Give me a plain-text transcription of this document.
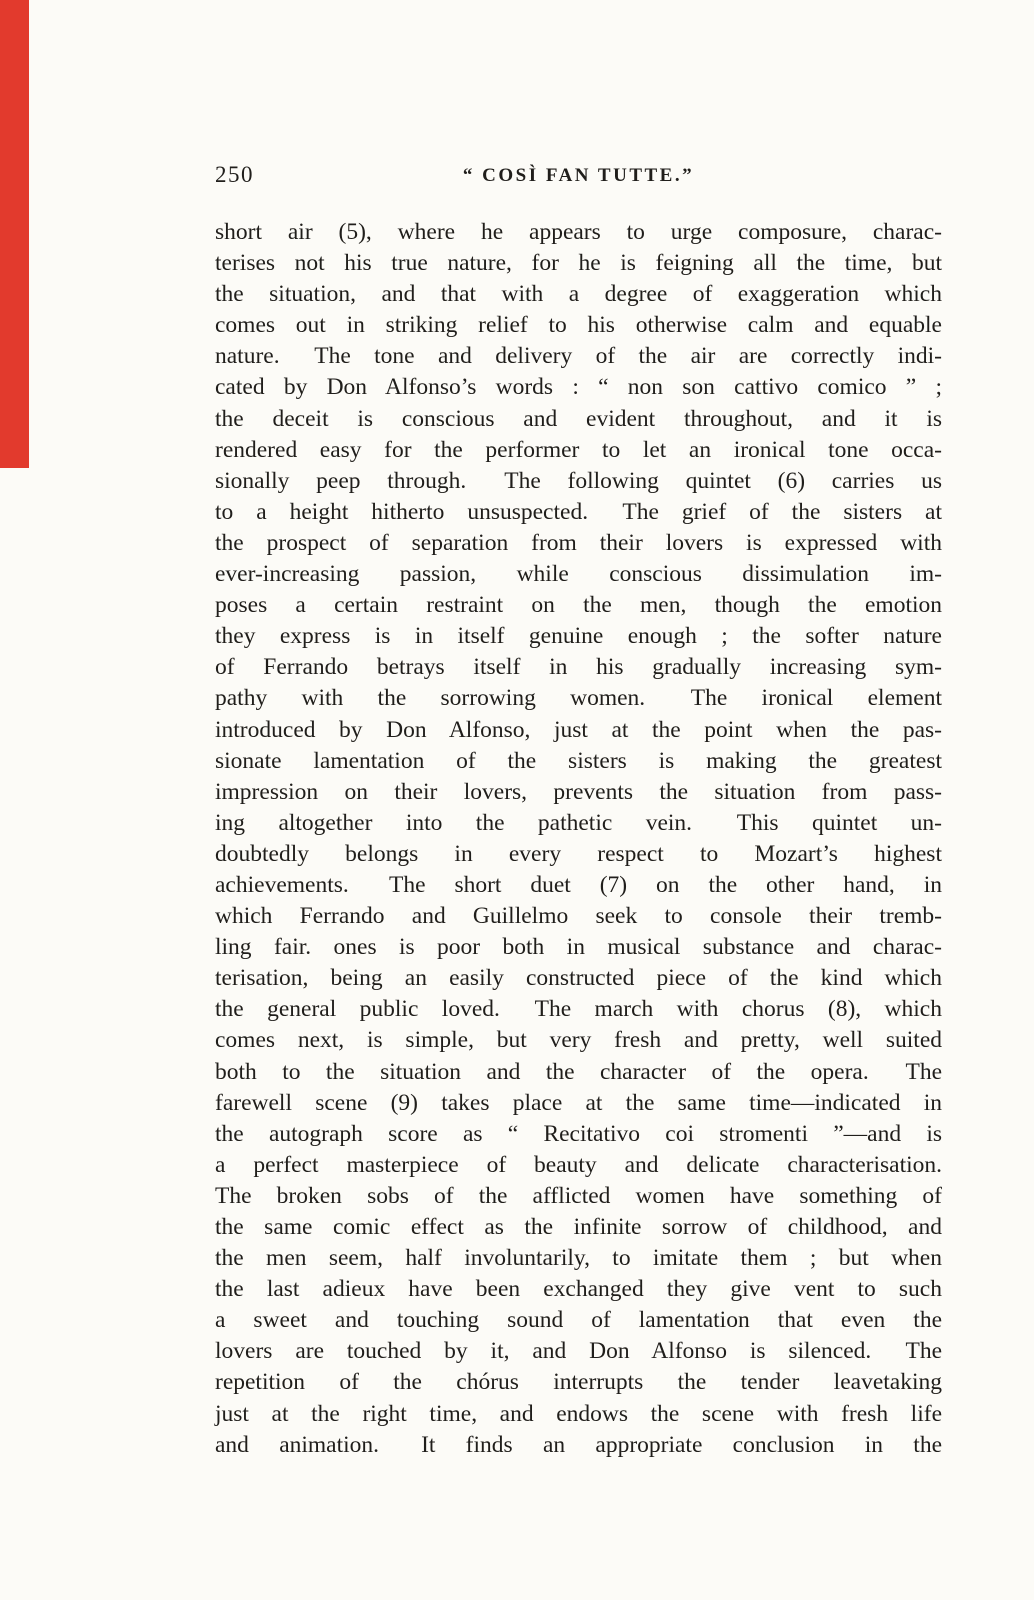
250	“ COSÌ FAN TUTTE.”
short air (5), where he appears to urge composure, charac-
terises not his true nature, for he is feigning all the time, but
the situation, and that with a degree of exaggeration which
comes out in striking relief to his otherwise calm and equable
nature.  The tone and delivery of the air are correctly indi-
cated by Don Alfonso’s words : “ non son cattivo comico ” ;
the deceit is conscious and evident throughout, and it is
rendered easy for the performer to let an ironical tone occa-
sionally peep through.  The following quintet (6) carries us
to a height hitherto unsuspected.  The grief of the sisters at
the prospect of separation from their lovers is expressed with
ever-increasing passion, while conscious dissimulation im-
poses a certain restraint on the men, though the emotion
they express is in itself genuine enough ; the softer nature
of Ferrando betrays itself in his gradually increasing sym-
pathy with the sorrowing women.  The ironical element
introduced by Don Alfonso, just at the point when the pas-
sionate lamentation of the sisters is making the greatest
impression on their lovers, prevents the situation from pass-
ing altogether into the pathetic vein.  This quintet un-
doubtedly belongs in every respect to Mozart’s highest
achievements.  The short duet (7) on the other hand, in
which Ferrando and Guillelmo seek to console their tremb-
ling fair. ones is poor both in musical substance and charac-
terisation, being an easily constructed piece of the kind which
the general public loved.  The march with chorus (8), which
comes next, is simple, but very fresh and pretty, well suited
both to the situation and the character of the opera.  The
farewell scene (9) takes place at the same time—indicated in
the autograph score as “ Recitativo coi stromenti ”—and is
a perfect masterpiece of beauty and delicate characterisation.
The broken sobs of the afflicted women have something of
the same comic effect as the infinite sorrow of childhood, and
the men seem, half involuntarily, to imitate them ; but when
the last adieux have been exchanged they give vent to such
a sweet and touching sound of lamentation that even the
lovers are touched by it, and Don Alfonso is silenced.  The
repetition of the chórus interrupts the tender leavetaking
just at the right time, and endows the scene with fresh life
and animation.  It finds an appropriate conclusion in the
